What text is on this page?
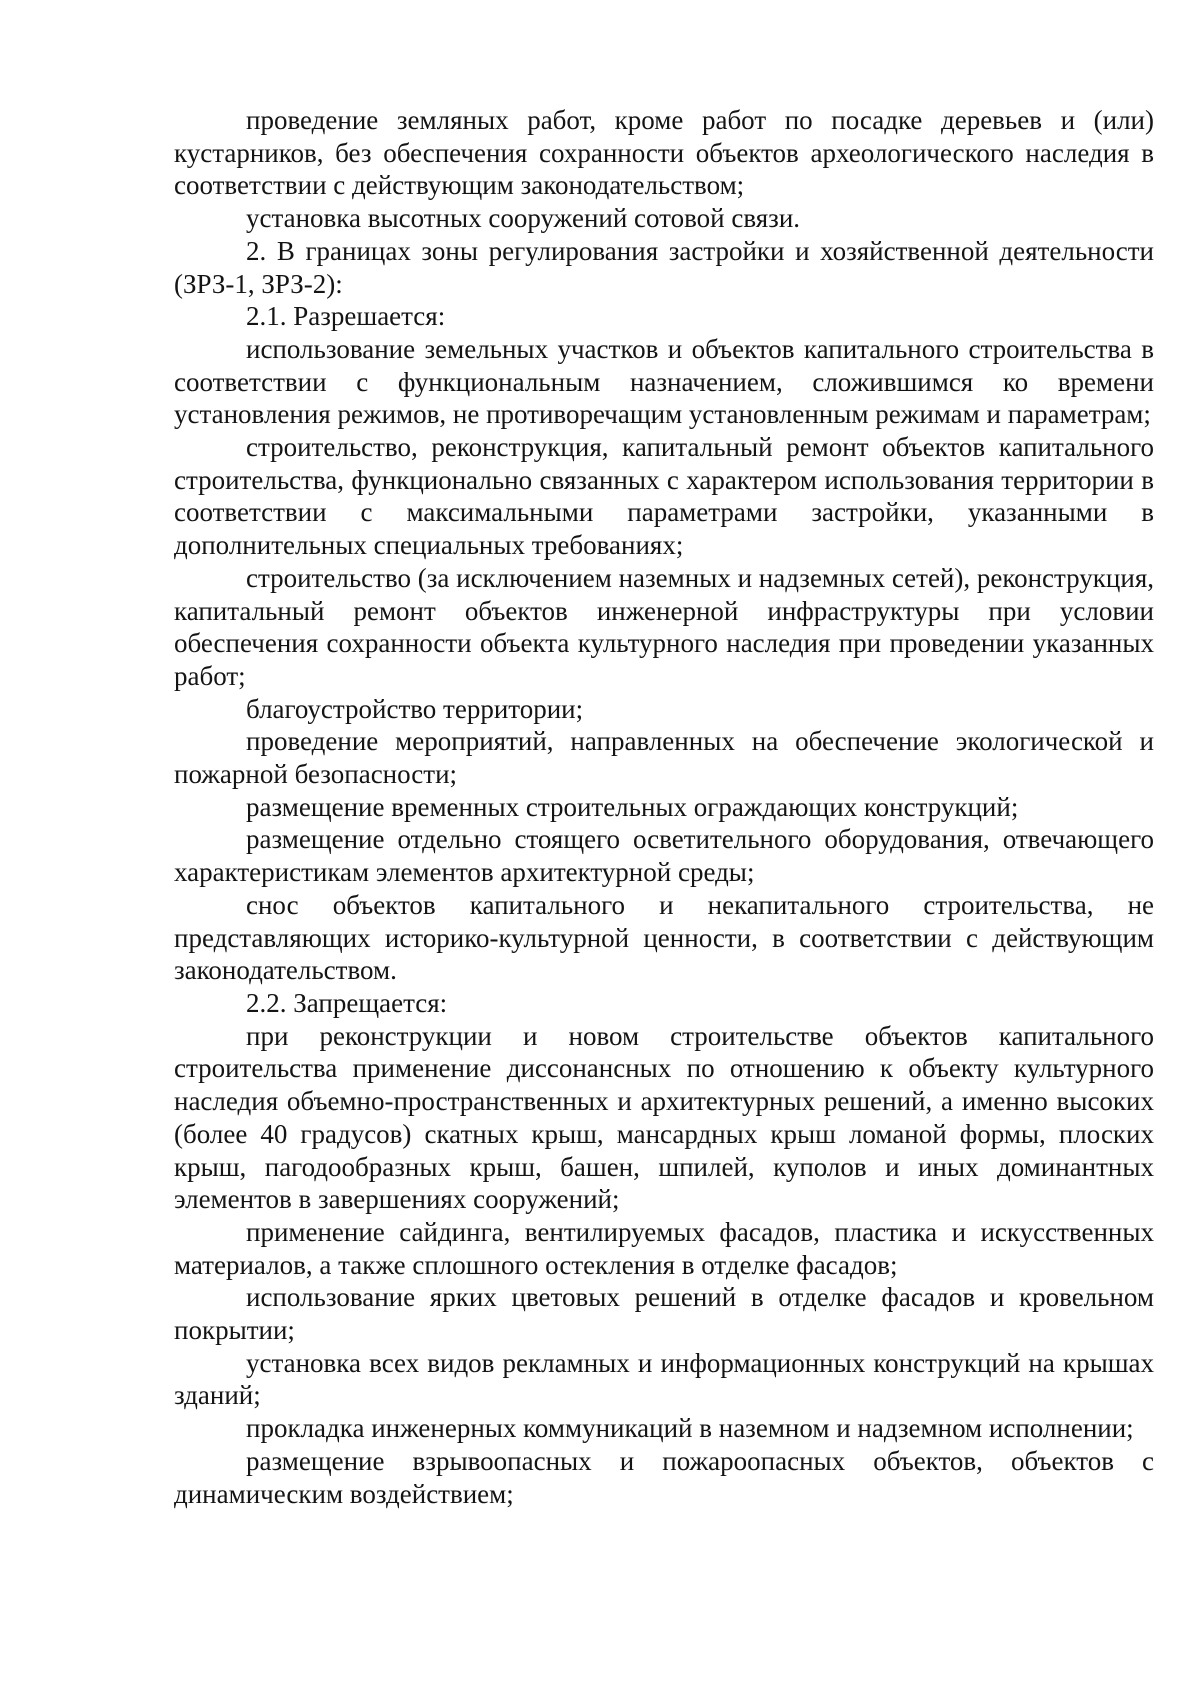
проведение земляных работ, кроме работ по посадке деревьев и (или) кустарников, без обеспечения сохранности объектов археологического наследия в соответствии с действующим законодательством;

установка высотных сооружений сотовой связи.

2. В границах зоны регулирования застройки и хозяйственной деятельности (ЗРЗ-1, ЗРЗ-2):

2.1. Разрешается:

использование земельных участков и объектов капитального строительства в соответствии с функциональным назначением, сложившимся ко времени установления режимов, не противоречащим установленным режимам и параметрам;

строительство, реконструкция, капитальный ремонт объектов капитального строительства, функционально связанных с характером использования территории в соответствии с максимальными параметрами застройки, указанными в дополнительных специальных требованиях;

строительство (за исключением наземных и надземных сетей), реконструкция, капитальный ремонт объектов инженерной инфраструктуры при условии обеспечения сохранности объекта культурного наследия при проведении указанных работ;

благоустройство территории;

проведение мероприятий, направленных на обеспечение экологической и пожарной безопасности;

размещение временных строительных ограждающих конструкций;

размещение отдельно стоящего осветительного оборудования, отвечающего характеристикам элементов архитектурной среды;

снос объектов капитального и некапитального строительства, не представляющих историко-культурной ценности, в соответствии с действующим законодательством.

2.2. Запрещается:

при реконструкции и новом строительстве объектов капитального строительства применение диссонансных по отношению к объекту культурного наследия объемно-пространственных и архитектурных решений, а именно высоких (более 40 градусов) скатных крыш, мансардных крыш ломаной формы, плоских крыш, пагодообразных крыш, башен, шпилей, куполов и иных доминантных элементов в завершениях сооружений;

применение сайдинга, вентилируемых фасадов, пластика и искусственных материалов, а также сплошного остекления в отделке фасадов;

использование ярких цветовых решений в отделке фасадов и кровельном покрытии;

установка всех видов рекламных и информационных конструкций на крышах зданий;

прокладка инженерных коммуникаций в наземном и надземном исполнении;

размещение взрывоопасных и пожароопасных объектов, объектов с динамическим воздействием;
